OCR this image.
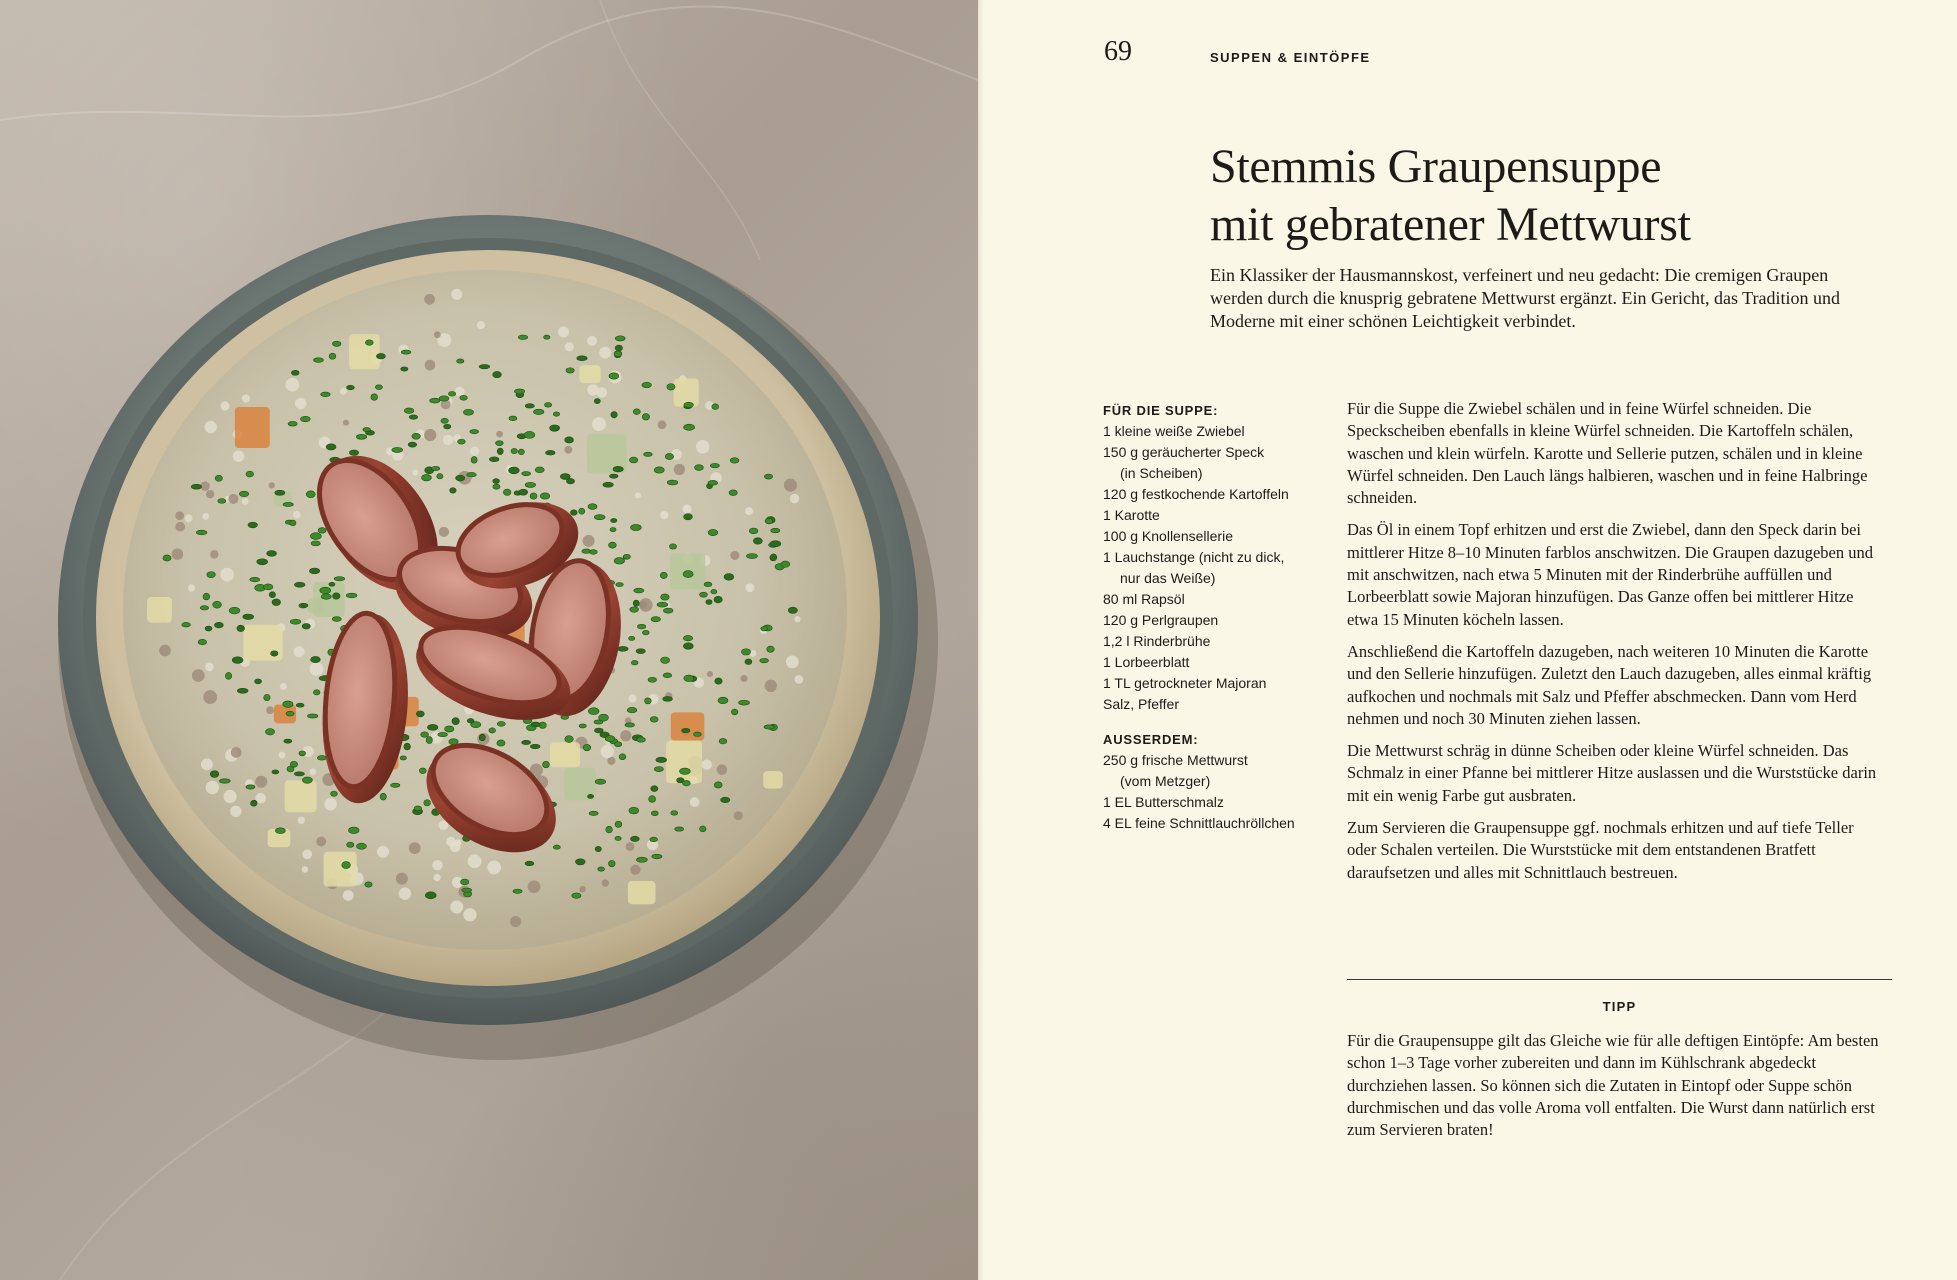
69	SUPPEN & EINTÖPFE
Stemmis Graupensuppe
mit gebratener Mettwurst

Ein Klassiker der Hausmannskost, verfeinert und neu gedacht: Die cremigen Graupen werden durch die knusprig gebratene Mettwurst ergänzt. Ein Gericht, das Tradition und Moderne mit einer schönen Leichtigkeit verbindet.

FÜR DIE SUPPE:

1 kleine weiße Zwiebel
150 g geräucherter Speck
(in Scheiben)
120 g festkochende Kartoffeln
1 Karotte
100 g Knollensellerie
1 Lauchstange (nicht zu dick,
nur das Weiße)
80 ml Rapsöl
120 g Perlgraupen
1,2 l Rinderbrühe
1 Lorbeerblatt
1 TL getrockneter Majoran
Salz, Pfeffer

AUSSERDEM:

250 g frische Mettwurst
(vom Metzger)
1 EL Butterschmalz
4 EL feine Schnittlauchröllchen

Für die Suppe die Zwiebel schälen und in feine Würfel schneiden. Die Speckscheiben ebenfalls in kleine Würfel schneiden. Die Kartoffeln schälen, waschen und klein würfeln. Karotte und Sellerie putzen, schälen und in kleine Würfel schneiden. Den Lauch längs halbieren, waschen und in feine Halbringe schneiden.

Das Öl in einem Topf erhitzen und erst die Zwiebel, dann den Speck darin bei mittlerer Hitze 8–10 Minuten farblos anschwitzen. Die Graupen dazugeben und mit anschwitzen, nach etwa 5 Minuten mit der Rinderbrühe auffüllen und Lorbeerblatt sowie Majoran hinzufügen. Das Ganze offen bei mittlerer Hitze etwa 15 Minuten köcheln lassen.

Anschließend die Kartoffeln dazugeben, nach weiteren 10 Minuten die Karotte und den Sellerie hinzufügen. Zuletzt den Lauch dazugeben, alles einmal kräftig aufkochen und nochmals mit Salz und Pfeffer abschmecken. Dann vom Herd nehmen und noch 30 Minuten ziehen lassen.

Die Mettwurst schräg in dünne Scheiben oder kleine Würfel schneiden. Das Schmalz in einer Pfanne bei mittlerer Hitze auslassen und die Wurststücke darin mit ein wenig Farbe gut ausbraten.

Zum Servieren die Graupensuppe ggf. nochmals erhitzen und auf tiefe Teller oder Schalen verteilen. Die Wurststücke mit dem entstandenen Bratfett daraufsetzen und alles mit Schnittlauch bestreuen.

TIPP

Für die Graupensuppe gilt das Gleiche wie für alle deftigen Eintöpfe: Am besten schon 1–3 Tage vorher zubereiten und dann im Kühlschrank abgedeckt durchziehen lassen. So können sich die Zutaten in Eintopf oder Suppe schön durchmischen und das volle Aroma voll entfalten. Die Wurst dann natürlich erst zum Servieren braten!
